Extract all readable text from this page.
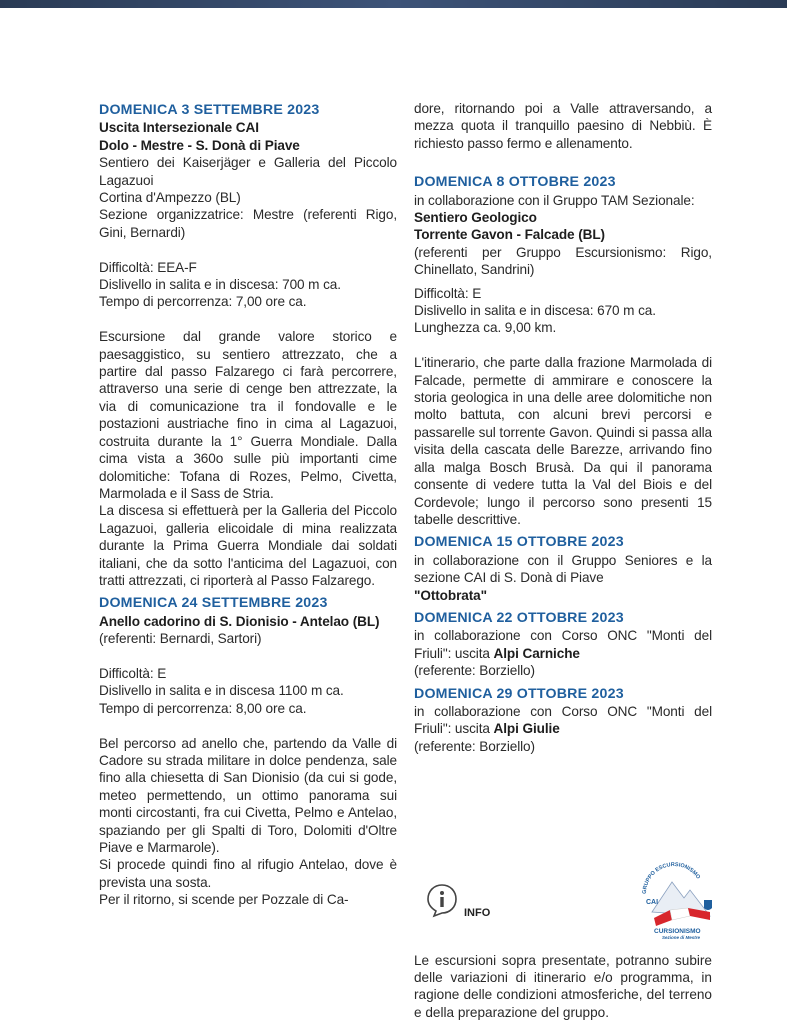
DOMENICA 3 SETTEMBRE 2023
Uscita Intersezionale CAI
Dolo - Mestre - S. Donà di Piave

Sentiero dei Kaiserjäger e Galleria del Piccolo Lagazuoi

Cortina d'Ampezzo (BL)

Sezione organizzatrice: Mestre (referenti Rigo, Gini, Bernardi)

Difficoltà: EEA-F

Dislivello in salita e in discesa: 700 m ca.

Tempo di percorrenza: 7,00 ore ca.

Escursione dal grande valore storico e paesaggistico, su sentiero attrezzato, che a partire dal passo Falzarego ci farà percorrere, attraverso una serie di cenge ben attrezzate, la via di comunicazione tra il fondovalle e le postazioni austriache fino in cima al Lagazuoi, costruita durante la 1° Guerra Mondiale. Dalla cima vista a 360o sulle più importanti cime dolomitiche: Tofana di Rozes, Pelmo, Civetta, Marmolada e il Sass de Stria.

La discesa si effettuerà per la Galleria del Piccolo Lagazuoi, galleria elicoidale di mina realizzata durante la Prima Guerra Mondiale dai soldati italiani, che da sotto l'anticima del Lagazuoi, con tratti attrezzati, ci riporterà al Passo Falzarego.

DOMENICA 24 SETTEMBRE 2023
Anello cadorino di S. Dionisio - Antelao (BL)

(referenti: Bernardi, Sartori)

Difficoltà: E

Dislivello in salita e in discesa 1100 m ca.

Tempo di percorrenza: 8,00 ore ca.

Bel percorso ad anello che, partendo da Valle di Cadore su strada militare in dolce pendenza, sale fino alla chiesetta di San Dionisio (da cui si gode, meteo permettendo, un ottimo panorama sui monti circostanti, fra cui Civetta, Pelmo e Antelao, spaziando per gli Spalti di Toro, Dolomiti d'Oltre Piave e Marmarole).

Si procede quindi fino al rifugio Antelao, dove è prevista una sosta.

Per il ritorno, si scende per Pozzale di Ca-

dore, ritornando poi a Valle attraversando, a mezza quota il tranquillo paesino di Nebbiù. È richiesto passo fermo e allenamento.

DOMENICA 8 OTTOBRE 2023

in collaborazione con il Gruppo TAM Sezionale:

Sentiero Geologico
Torrente Gavon - Falcade (BL)

(referenti per Gruppo Escursionismo: Rigo, Chinellato, Sandrini)

Difficoltà: E

Dislivello in salita e in discesa: 670 m ca.

Lunghezza ca. 9,00 km.

L'itinerario, che parte dalla frazione Marmolada di Falcade, permette di ammirare e conoscere la storia geologica in una delle aree dolomitiche non molto battuta, con alcuni brevi percorsi e passarelle sul torrente Gavon. Quindi si passa alla visita della cascata delle Barezze, arrivando fino alla malga Bosch Brusà. Da qui il panorama consente di vedere tutta la Val del Biois e del Cordevole; lungo il percorso sono presenti 15 tabelle descrittive.

DOMENICA 15 OTTOBRE 2023

in collaborazione con il Gruppo Seniores e la sezione CAI di S. Donà di Piave

"Ottobrata"
DOMENICA 22 OTTOBRE 2023

in collaborazione con Corso ONC "Monti del Friuli": uscita Alpi Carniche

(referente: Borziello)

DOMENICA 29 OTTOBRE 2023

in collaborazione con Corso ONC "Monti del Friuli": uscita Alpi Giulie

(referente: Borziello)

INFO
GRUPPO ESCURSIONISMO
CAI
CURSIONISMO
Sezione di Mestre

Le escursioni sopra presentate, potranno subire delle variazioni di itinerario e/o programma, in ragione delle condizioni atmosferiche, del terreno e della preparazione del gruppo.
